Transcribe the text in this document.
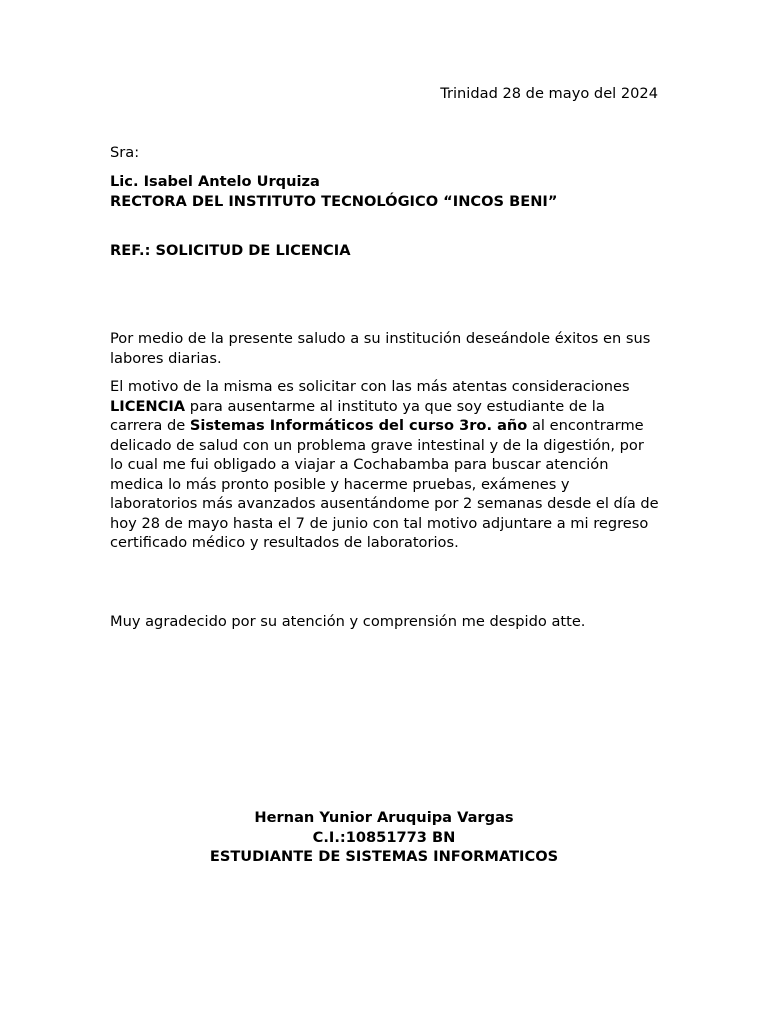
Trinidad 28 de mayo del 2024
Sra:
Lic. Isabel Antelo Urquiza
RECTORA DEL INSTITUTO TECNOLÓGICO “INCOS BENI”
REF.: SOLICITUD DE LICENCIA

Por medio de la presente saludo a su institución deseándole éxitos en sus labores diarias.

El motivo de la misma es solicitar con las más atentas consideraciones LICENCIA para ausentarme al instituto ya que soy estudiante de la carrera de Sistemas Informáticos del curso 3ro. año al encontrarme delicado de salud con un problema grave intestinal y de la digestión, por lo cual me fui obligado a viajar a Cochabamba para buscar atención medica lo más pronto posible y hacerme pruebas, exámenes y laboratorios más avanzados ausentándome por 2 semanas desde el día de hoy 28 de mayo hasta el 7 de junio con tal motivo adjuntare a mi regreso certificado médico y resultados de laboratorios.

Muy agradecido por su atención y comprensión me despido atte.

Hernan Yunior Aruquipa Vargas
C.I.:10851773 BN
ESTUDIANTE DE SISTEMAS INFORMATICOS
